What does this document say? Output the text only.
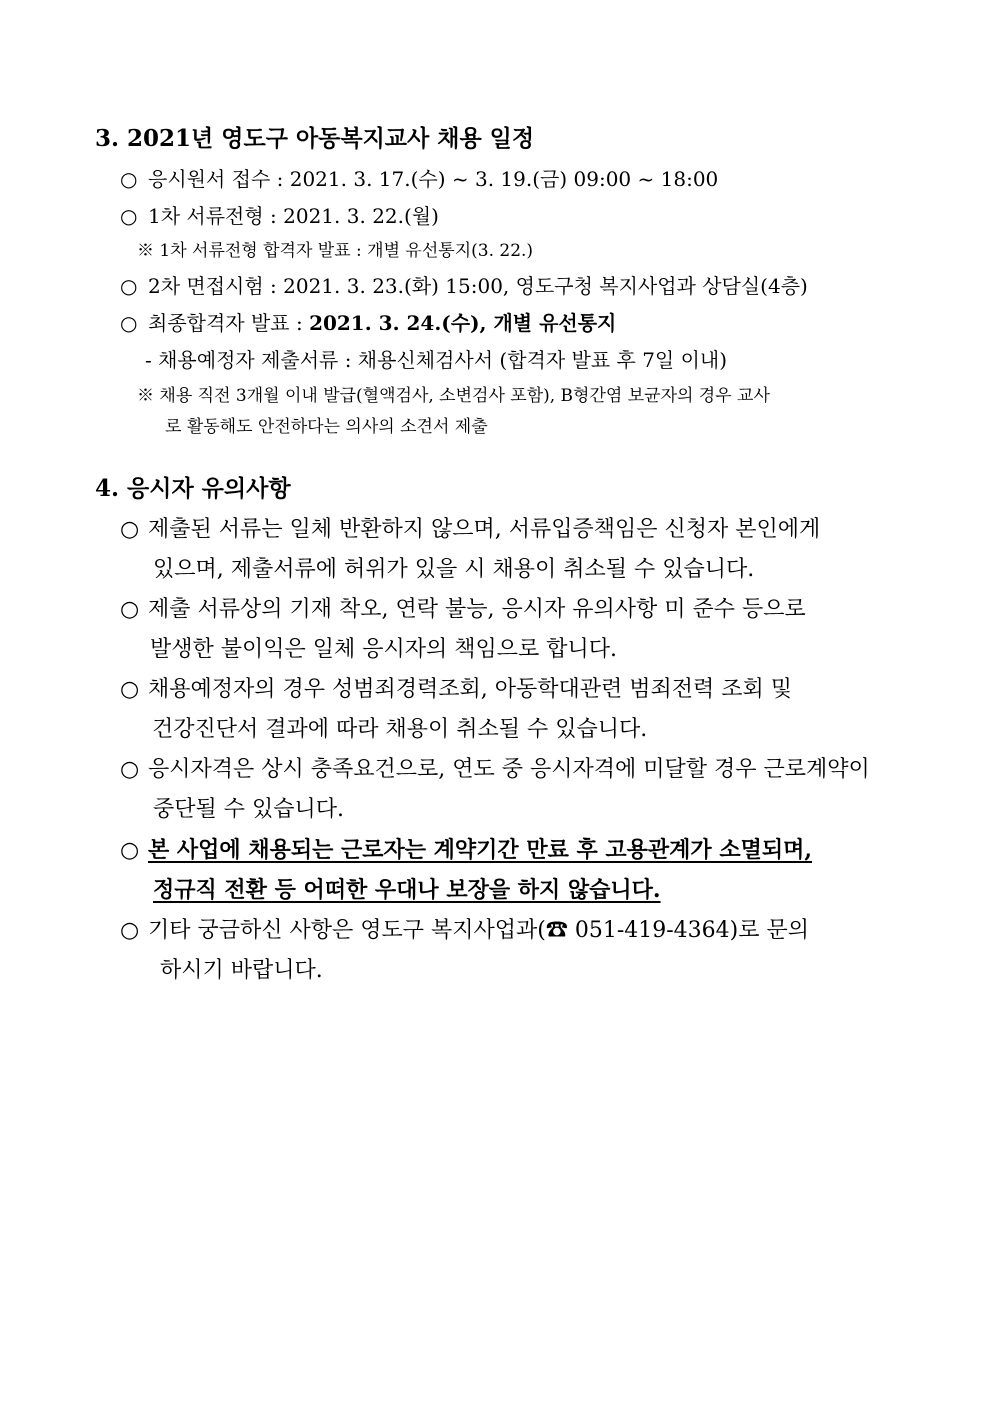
3. 2021년 영도구 아동복지교사 채용 일정
○ 응시원서 접수 : 2021. 3. 17.(수) ~ 3. 19.(금) 09:00 ~ 18:00
○ 1차 서류전형 : 2021. 3. 22.(월)
※ 1차 서류전형 합격자 발표 : 개별 유선통지(3. 22.)
○ 2차 면접시험 : 2021. 3. 23.(화) 15:00, 영도구청 복지사업과 상담실(4층)
○ 최종합격자 발표 : 2021. 3. 24.(수), 개별 유선통지
- 채용예정자 제출서류 : 채용신체검사서 (합격자 발표 후 7일 이내)
※ 채용 직전 3개월 이내 발급(혈액검사, 소변검사 포함), B형간염 보균자의 경우 교사
로 활동해도 안전하다는 의사의 소견서 제출
4. 응시자 유의사항
○ 제출된 서류는 일체 반환하지 않으며, 서류입증책임은 신청자 본인에게
있으며, 제출서류에 허위가 있을 시 채용이 취소될 수 있습니다.
○ 제출 서류상의 기재 착오, 연락 불능, 응시자 유의사항 미 준수 등으로
발생한 불이익은 일체 응시자의 책임으로 합니다.
○ 채용예정자의 경우 성범죄경력조회, 아동학대관련 범죄전력 조회 및
건강진단서 결과에 따라 채용이 취소될 수 있습니다.
○ 응시자격은 상시 충족요건으로, 연도 중 응시자격에 미달할 경우 근로계약이
중단될 수 있습니다.
○ 본 사업에 채용되는 근로자는 계약기간 만료 후 고용관계가 소멸되며,
정규직 전환 등 어떠한 우대나 보장을 하지 않습니다.
○ 기타 궁금하신 사항은 영도구 복지사업과(☎ 051-419-4364)로 문의
하시기 바랍니다.
